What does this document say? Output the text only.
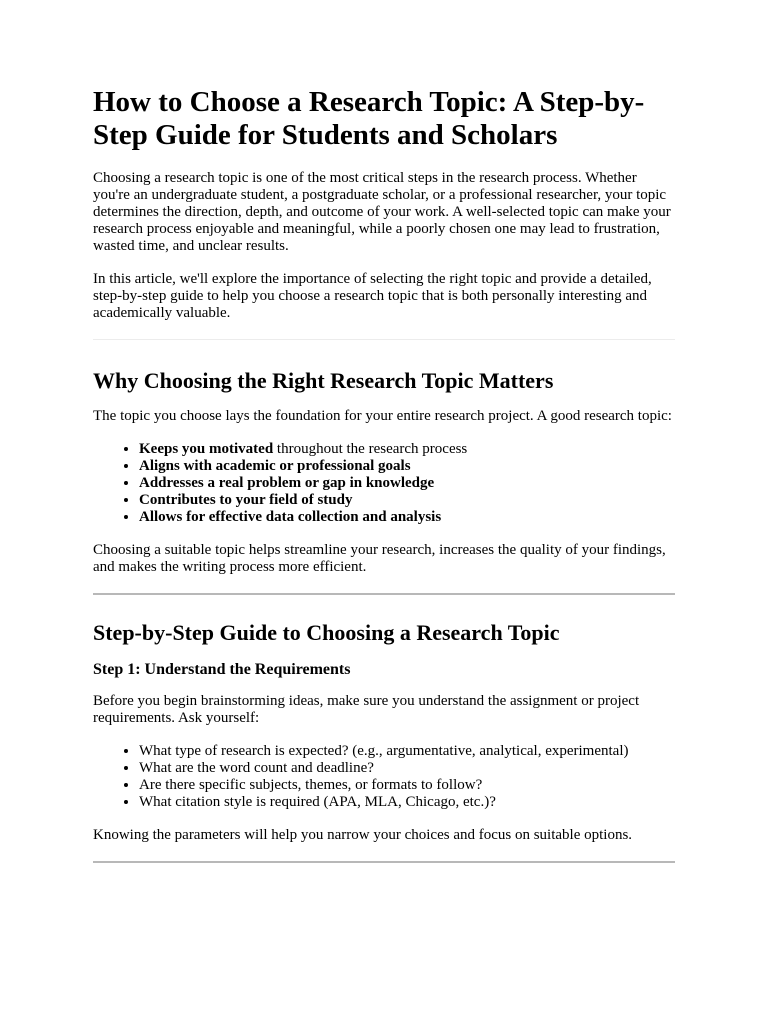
How to Choose a Research Topic: A Step-by-Step Guide for Students and Scholars

Choosing a research topic is one of the most critical steps in the research process. Whether you're an undergraduate student, a postgraduate scholar, or a professional researcher, your topic determines the direction, depth, and outcome of your work. A well-selected topic can make your research process enjoyable and meaningful, while a poorly chosen one may lead to frustration, wasted time, and unclear results.

In this article, we'll explore the importance of selecting the right topic and provide a detailed, step-by-step guide to help you choose a research topic that is both personally interesting and academically valuable.

Why Choosing the Right Research Topic Matters

The topic you choose lays the foundation for your entire research project. A good research topic:

• Keeps you motivated throughout the research process
• Aligns with academic or professional goals
• Addresses a real problem or gap in knowledge
• Contributes to your field of study
• Allows for effective data collection and analysis

Choosing a suitable topic helps streamline your research, increases the quality of your findings, and makes the writing process more efficient.

Step-by-Step Guide to Choosing a Research Topic
Step 1: Understand the Requirements

Before you begin brainstorming ideas, make sure you understand the assignment or project requirements. Ask yourself:

• What type of research is expected? (e.g., argumentative, analytical, experimental)
• What are the word count and deadline?
• Are there specific subjects, themes, or formats to follow?
• What citation style is required (APA, MLA, Chicago, etc.)?

Knowing the parameters will help you narrow your choices and focus on suitable options.
